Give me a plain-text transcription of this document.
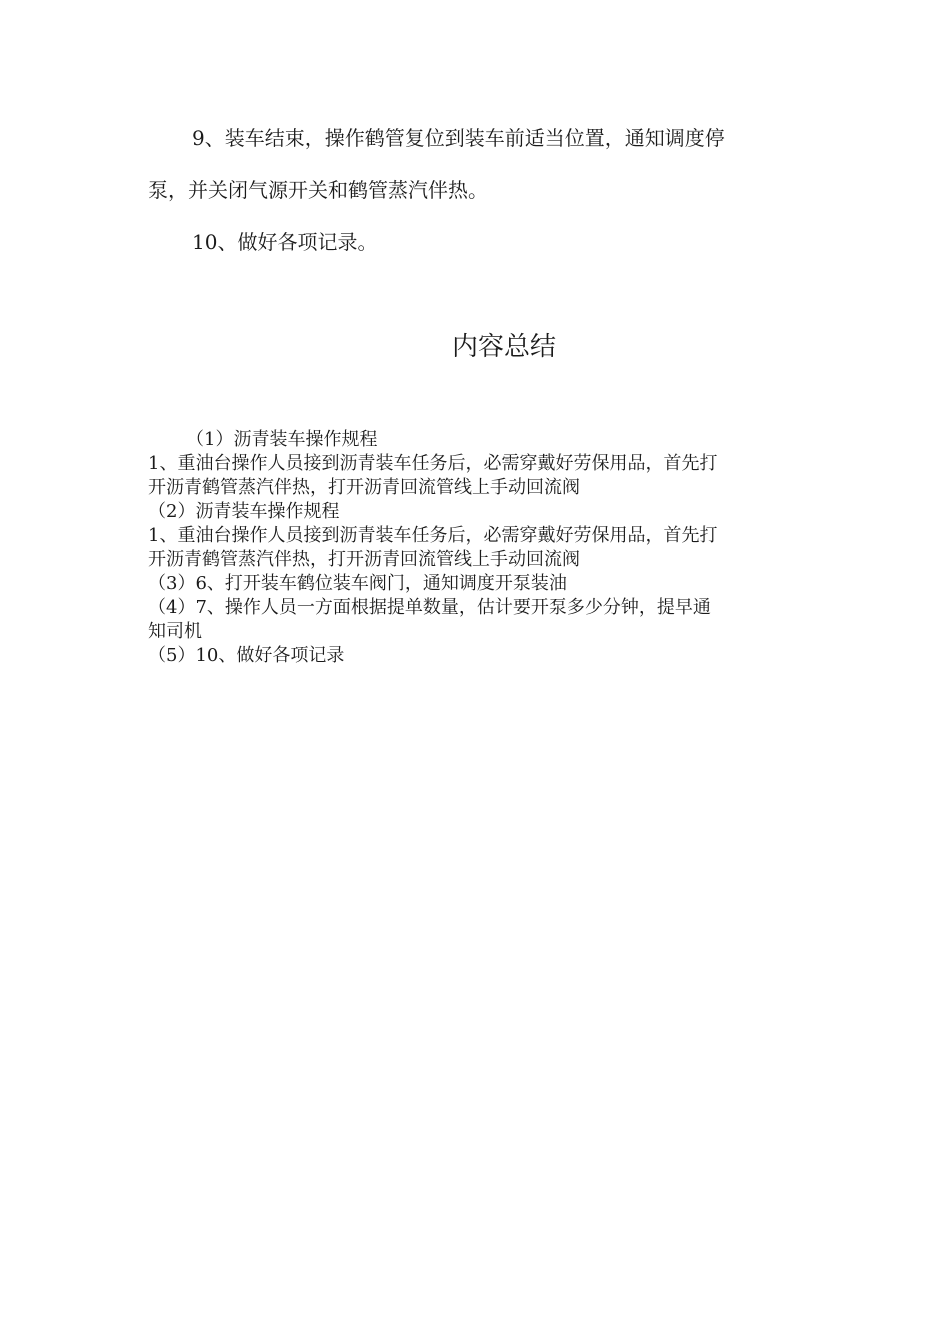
9、装车结束，操作鹤管复位到装车前适当位置，通知调度停

泵，并关闭气源开关和鹤管蒸汽伴热。

10、做好各项记录。

内容总结

（1）沥青装车操作规程

1、重油台操作人员接到沥青装车任务后，必需穿戴好劳保用品，首先打

开沥青鹤管蒸汽伴热，打开沥青回流管线上手动回流阀

（2）沥青装车操作规程

1、重油台操作人员接到沥青装车任务后，必需穿戴好劳保用品，首先打

开沥青鹤管蒸汽伴热，打开沥青回流管线上手动回流阀

（3）6、打开装车鹤位装车阀门，通知调度开泵装油

（4）7、操作人员一方面根据提单数量，估计要开泵多少分钟，提早通

知司机

（5）10、做好各项记录
